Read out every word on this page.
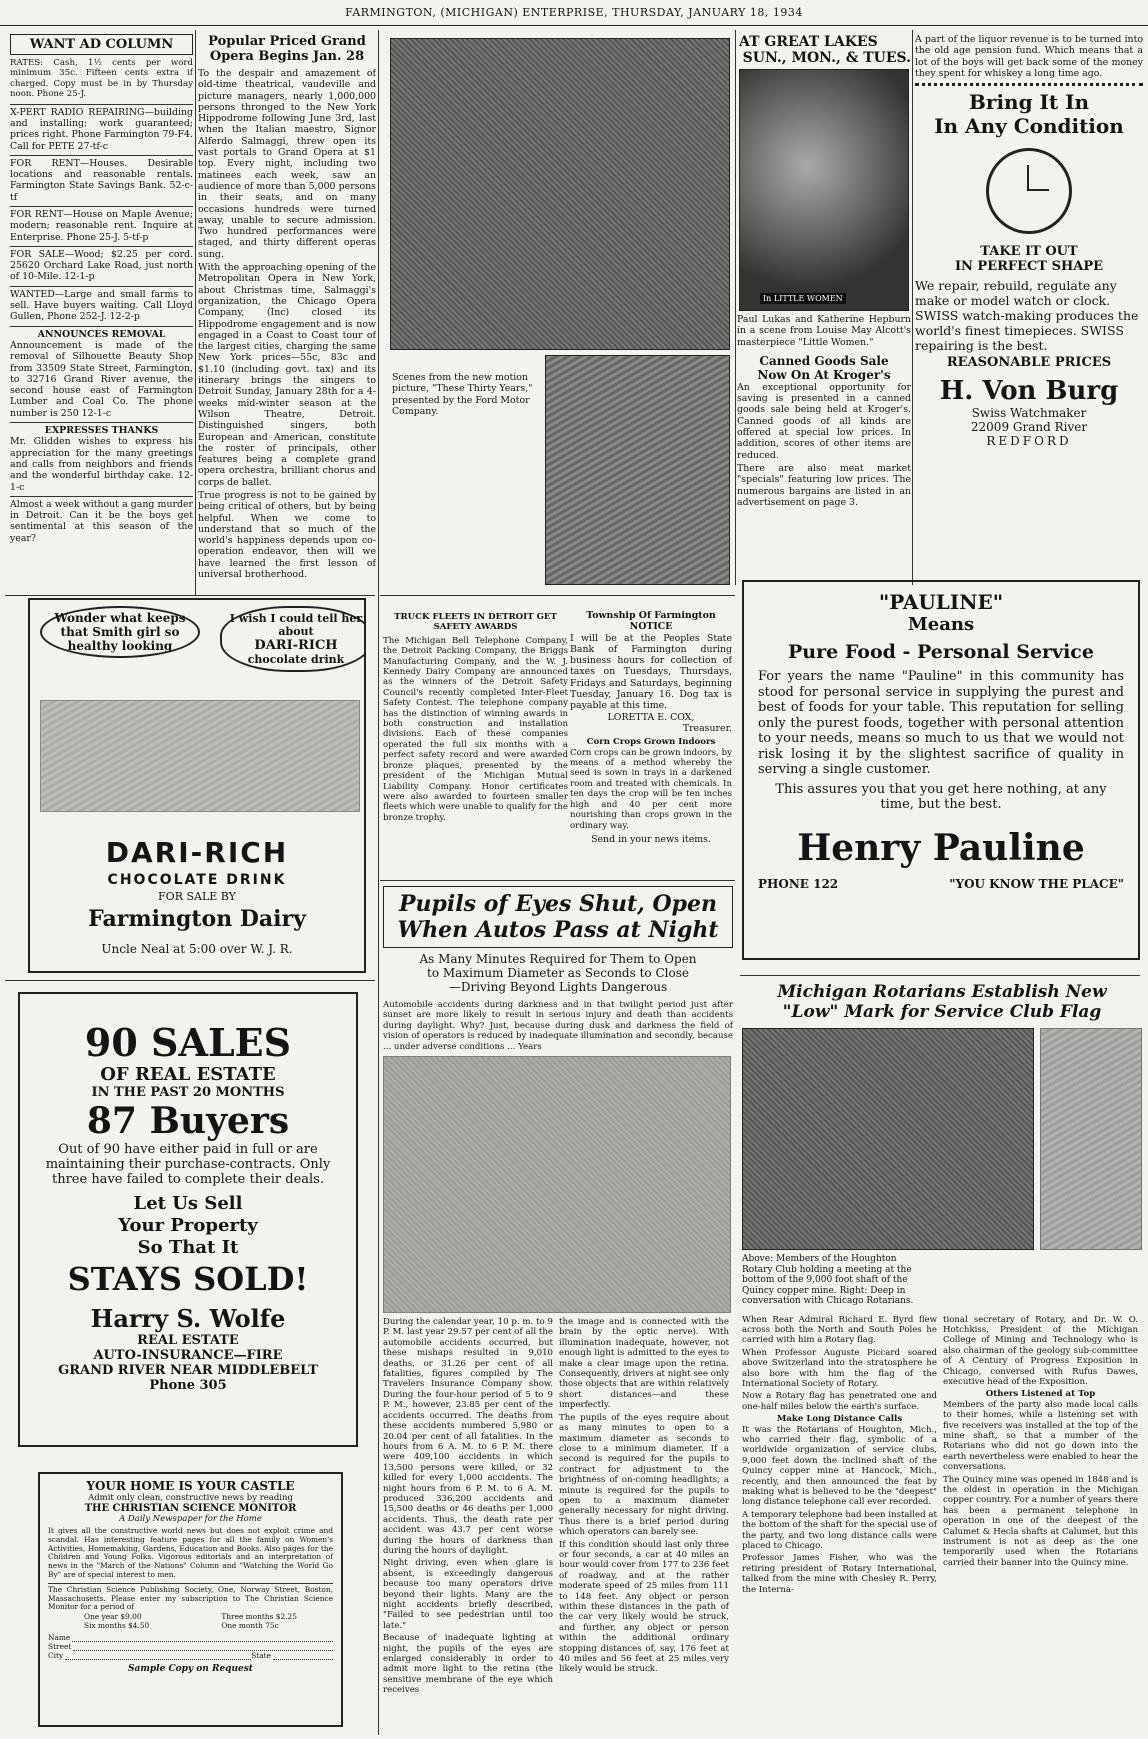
FARMINGTON, (MICHIGAN) ENTERPRISE, THURSDAY, JANUARY 18, 1934
WANT AD COLUMN
RATES: Cash, 1½ cents per word minimum 35c. Fifteen cents extra if charged. Copy must be in by Thursday noon. Phone 25-J.
X-PERT RADIO REPAIRING—building and installing; work guaranteed; prices right. Phone Farmington 79-F4. Call for PETE 27-tf-c
FOR RENT—Houses. Desirable locations and reasonable rentals. Farmington State Savings Bank. 52-c-tf
FOR RENT—House on Maple Avenue; modern; reasonable rent. Inquire at Enterprise. Phone 25-J. 5-tf-p
FOR SALE—Wood; $2.25 per cord. 25620 Orchard Lake Road, just north of 10-Mile. 12-1-p
WANTED—Large and small farms to sell. Have buyers waiting. Call Lloyd Gullen, Phone 252-J. 12-2-p
ANNOUNCES REMOVAL
Announcement is made of the removal of Silhouette Beauty Shop from 33509 State Street, Farmington, to 32716 Grand River avenue, the second house east of Farmington Lumber and Coal Co. The phone number is 250 12-1-c
EXPRESSES THANKS
Mr. Glidden wishes to express his appreciation for the many greetings and calls from neighbors and friends and the wonderful birthday cake. 12-1-c
Almost a week without a gang murder in Detroit. Can it be the boys get sentimental at this season of the year?
Popular Priced Grand
Opera Begins Jan. 28

To the despair and amazement of old-time theatrical, vaudeville and picture managers, nearly 1,000,000 persons thronged to the New York Hippodrome following June 3rd, last when the Italian maestro, Signor Alferdo Salmaggi, threw open its vast portals to Grand Opera at $1 top. Every night, including two matinees each week, saw an audience of more than 5,000 persons in their seats, and on many occasions hundreds were turned away, unable to secure admission. Two hundred performances were staged, and thirty different operas sung.

With the approaching opening of the Metropolitan Opera in New York, about Christmas time, Salmaggi's organization, the Chicago Opera Company, (Inc) closed its Hippodrome engagement and is now engaged in a Coast to Coast tour of the largest cities, charging the same New York prices—55c, 83c and $1.10 (including govt. tax) and its itinerary brings the singers to Detroit Sunday, January 28th for a 4-weeks mid-winter season at the Wilson Theatre, Detroit. Distinguished singers, both European and American, constitute the roster of principals, other features being a complete grand opera orchestra, brilliant chorus and corps de ballet.

True progress is not to be gained by being critical of others, but by being helpful. When we come to understand that so much of the world's happiness depends upon co-operation endeavor, then will we have learned the first lesson of universal brotherhood.

Scenes from the new motion picture, "These Thirty Years," presented by the Ford Motor Company.
AT GREAT LAKES
SUN., MON., & TUES.
In LITTLE WOMEN
Paul Lukas and Katherine Hepburn in a scene from Louise May Alcott's masterpiece "Little Women."
Canned Goods Sale
Now On At Kroger's

An exceptional opportunity for saving is presented in a canned goods sale being held at Kroger's. Canned goods of all kinds are offered at special low prices. In addition, scores of other items are reduced.

There are also meat market "specials" featuring low prices. The numerous bargains are listed in an advertisement on page 3.

A part of the liquor revenue is to be turned into the old age pension fund. Which means that a lot of the boys will get back some of the money they spent for whiskey a long time ago.
Bring It In
In Any Condition
TAKE IT OUT
IN PERFECT SHAPE
We repair, rebuild, regulate any make or model watch or clock. SWISS watch-making produces the world's finest timepieces. SWISS repairing is the best.
REASONABLE PRICES
H. Von Burg
Swiss Watchmaker
22009 Grand River
REDFORD
Wonder what keeps that Smith girl so healthy looking
I wish I could tell her about
DARI-RICH
chocolate drink
DARI-RICH
CHOCOLATE DRINK
FOR SALE BY
Farmington Dairy
Uncle Neal at 5:00 over W. J. R.
TRUCK FLEETS IN DETROIT GET SAFETY AWARDS
The Michigan Bell Telephone Company, the Detroit Packing Company, the Briggs Manufacturing Company, and the W. J. Kennedy Dairy Company are announced as the winners of the Detroit Safety Council's recently completed Inter-Fleet Safety Contest. The telephone company has the distinction of winning awards in both construction and installation divisions. Each of these companies operated the full six months with a perfect safety record and were awarded bronze plaques, presented by the president of the Michigan Mutual Liability Company. Honor certificates were also awarded to fourteen smaller fleets which were unable to qualify for the bronze trophy.
Township Of Farmington
NOTICE
I will be at the Peoples State Bank of Farmington during business hours for collection of taxes on Tuesdays, Thursdays, Fridays and Saturdays, beginning Tuesday, January 16. Dog tax is payable at this time.
LORETTA E. COX,
Treasurer.
Corn Crops Grown Indoors
Corn crops can be grown indoors, by means of a method whereby the seed is sown in trays in a darkened room and treated with chemicals. In ten days the crop will be ten inches high and 40 per cent more nourishing than crops grown in the ordinary way.
Send in your news items.
"PAULINE"
Means
Pure Food - Personal Service
For years the name "Pauline" in this community has stood for personal service in supplying the purest and best of foods for your table. This reputation for selling only the purest foods, together with personal attention to your needs, means so much to us that we would not risk losing it by the slightest sacrifice of quality in serving a single customer.
This assures you that you get here nothing, at any time, but the best.
Henry Pauline
PHONE 122	"YOU KNOW THE PLACE"
Pupils of Eyes Shut, Open
When Autos Pass at Night
As Many Minutes Required for Them to Open
to Maximum Diameter as Seconds to Close
—Driving Beyond Lights Dangerous
Automobile accidents during darkness and in that twilight period just after sunset are more likely to result in serious injury and death than accidents during daylight. Why? Just, because during dusk and darkness the field of vision of operators is reduced by inadequate illumination and secondly, because ... under adverse conditions ... Years

During the calendar year, 10 p. m. to 9 P. M. last year 29.57 per cent of all the automobile accidents occurred, but these mishaps resulted in 9,010 deaths, or 31.26 per cent of all fatalities, figures compiled by The Travelers Insurance Company show. During the four-hour period of 5 to 9 P. M., however, 23.85 per cent of the accidents occurred. The deaths from these accidents numbered 5,980 or 20.04 per cent of all fatalities. In the hours from 6 A. M. to 6 P. M. there were 409,100 accidents in which 13,500 persons were killed, or 32 killed for every 1,000 accidents. The night hours from 6 P. M. to 6 A. M. produced 336,200 accidents and 15,500 deaths or 46 deaths per 1,000 accidents. Thus, the death rate per accident was 43.7 per cent worse during the hours of darkness than during the hours of daylight.

Night driving, even when glare is absent, is exceedingly dangerous because too many operators drive beyond their lights. Many are the night accidents briefly described, "Failed to see pedestrian until too late."

Because of inadequate lighting at night, the pupils of the eyes are enlarged considerably in order to admit more light to the retina (the sensitive membrane of the eye which receives

the image and is connected with the brain by the optic nerve). With illumination inadequate, however, not enough light is admitted to the eyes to make a clear image upon the retina. Consequently, drivers at night see only those objects that are within relatively short distances—and these imperfectly.

The pupils of the eyes require about as many minutes to open to a maximum diameter as seconds to close to a minimum diameter. If a second is required for the pupils to contract for adjustment to the brightness of on-coming headlights, a minute is required for the pupils to open to a maximum diameter generally necessary for night driving. Thus there is a brief period during which operators can barely see.

If this condition should last only three or four seconds, a car at 40 miles an hour would cover from 177 to 236 feet of roadway, and at the rather moderate speed of 25 miles from 111 to 148 feet. Any object or person within these distances in the path of the car very likely would be struck, and further, any object or person within the additional ordinary stopping distances of, say, 176 feet at 40 miles and 56 feet at 25 miles very likely would be struck.

Michigan Rotarians Establish New
"Low" Mark for Service Club Flag
Above: Members of the Houghton Rotary Club holding a meeting at the bottom of the 9,000 foot shaft of the Quincy copper mine. Right: Deep in conversation with Chicago Rotarians.

When Rear Admiral Richard E. Byrd flew across both the North and South Poles he carried with him a Rotary flag.

When Professor Auguste Piccard soared above Switzerland into the stratosphere he also bore with him the flag of the International Society of Rotary.

Now a Rotary flag has penetrated one and one-half miles below the earth's surface.

Make Long Distance Calls

It was the Rotarians of Houghton, Mich., who carried their flag, symbolic of a worldwide organization of service clubs, 9,000 feet down the inclined shaft of the Quincy copper mine at Hancock, Mich., recently, and then announced the feat by making what is believed to be the "deepest" long distance telephone call ever recorded.

A temporary telephone had been installed at the bottom of the shaft for the special use of the party, and two long distance calls were placed to Chicago.

Professor James Fisher, who was the retiring president of Rotary International, talked from the mine with Chesley R. Perry, the Interna-

tional secretary of Rotary, and Dr. W. O. Hotchkiss, President of the Michigan College of Mining and Technology who is also chairman of the geology sub-committee of A Century of Progress Exposition in Chicago, conversed with Rufus Dawes, executive head of the Exposition.

Others Listened at Top

Members of the party also made local calls to their homes, while a listening set with five receivers was installed at the top of the mine shaft, so that a number of the Rotarians who did not go down into the earth nevertheless were enabled to hear the conversations.

The Quincy mine was opened in 1848 and is the oldest in operation in the Michigan copper country. For a number of years there has been a permanent telephone in operation in one of the deepest of the Calumet & Hecla shafts at Calumet, but this instrument is not as deep as the one temporarily used when the Rotarians carried their banner into the Quincy mine.

90 SALES
OF REAL ESTATE
IN THE PAST 20 MONTHS
87 Buyers
Out of 90 have either paid in full or are maintaining their purchase-contracts. Only three have failed to complete their deals.
Let Us Sell
Your Property
So That It
STAYS SOLD!
Harry S. Wolfe
REAL ESTATE
AUTO-INSURANCE—FIRE
GRAND RIVER NEAR MIDDLEBELT
Phone 305
YOUR HOME IS YOUR CASTLE
Admit only clean, constructive news by reading
THE CHRISTIAN SCIENCE MONITOR
A Daily Newspaper for the Home
It gives all the constructive world news but does not exploit crime and scandal. Has interesting feature pages for all the family on Women's Activities, Homemaking, Gardens, Education and Books. Also pages for the Children and Young Folks. Vigorous editorials and an interpretation of news in the "March of the Nations" Column and "Watching the World Go By" are of special interest to men.
The Christian Science Publishing Society, One, Norway Street, Boston, Massachusetts. Please enter my subscription to The Christian Science Monitor for a period of
One year $9.00
Six months $4.50
Three months $2.25
One month 75c
Name
Street
City	State
Sample Copy on Request
